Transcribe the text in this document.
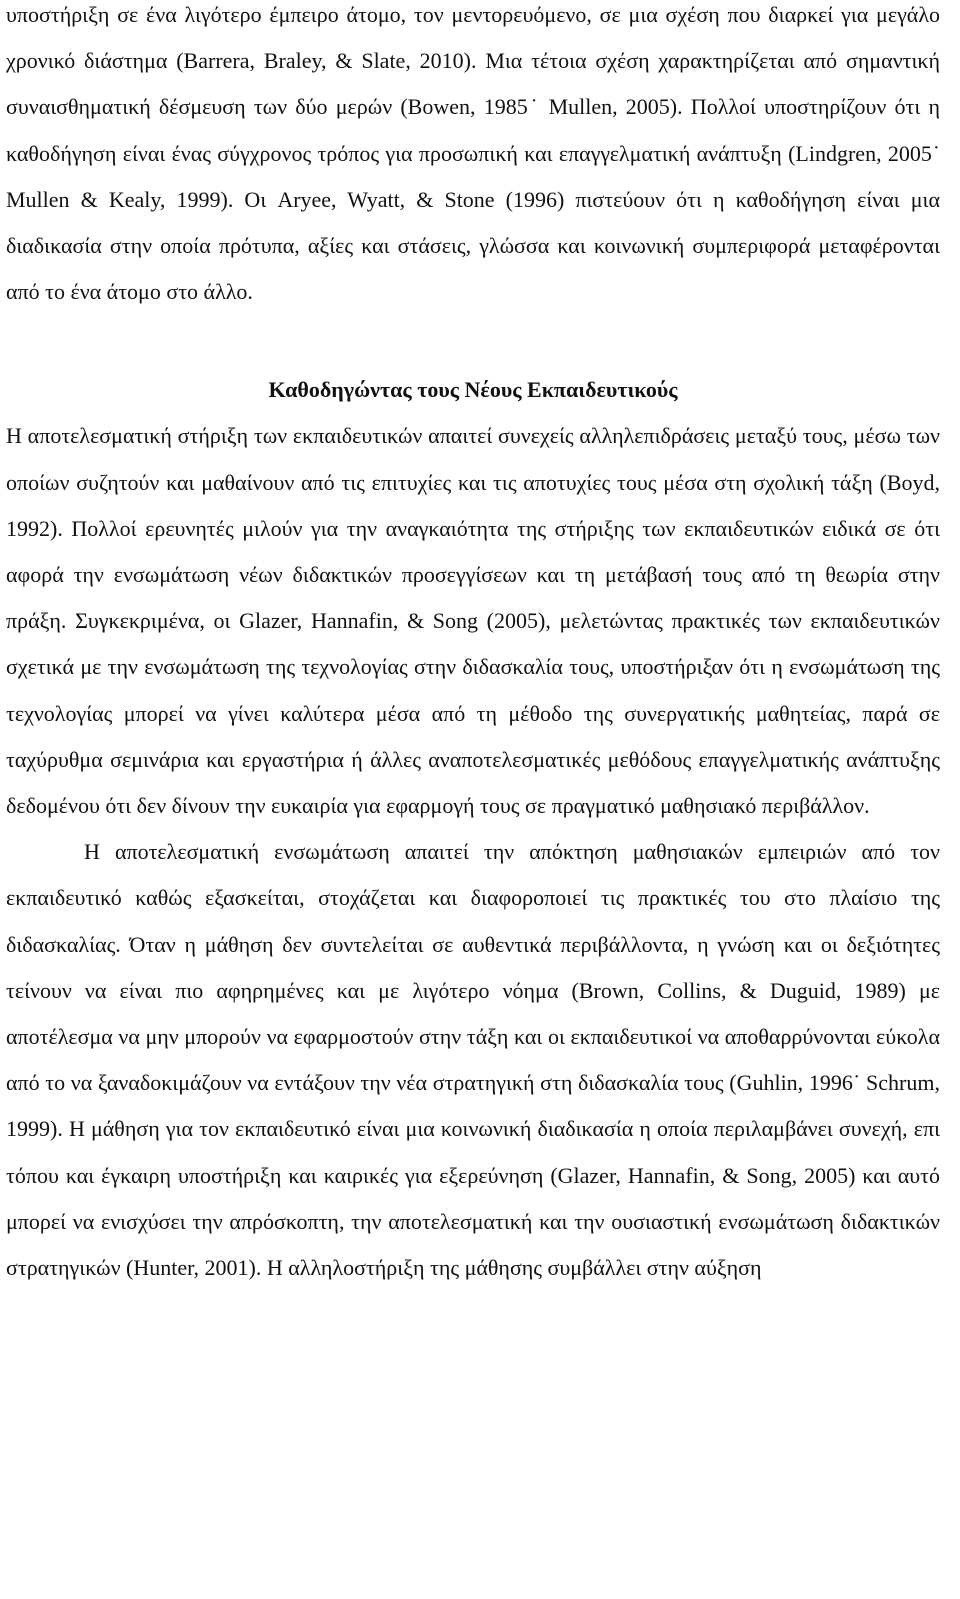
υποστήριξη σε ένα λιγότερο έμπειρο άτομο, τον μεντορευόμενο, σε μια σχέση που διαρκεί για μεγάλο χρονικό διάστημα (Barrera, Braley, & Slate, 2010). Μια τέτοια σχέση χαρακτηρίζεται από σημαντική συναισθηματική δέσμευση των δύο μερών (Bowen, 1985˙ Mullen, 2005). Πολλοί υποστηρίζουν ότι η καθοδήγηση είναι ένας σύγχρονος τρόπος για προσωπική και επαγγελματική ανάπτυξη (Lindgren, 2005˙ Mullen & Kealy, 1999). Οι Aryee, Wyatt, & Stone (1996) πιστεύουν ότι η καθοδήγηση είναι μια διαδικασία στην οποία πρότυπα, αξίες και στάσεις, γλώσσα και κοινωνική συμπεριφορά μεταφέρονται από το ένα άτομο στο άλλο.

Καθοδηγώντας τους Νέους Εκπαιδευτικούς

Η αποτελεσματική στήριξη των εκπαιδευτικών απαιτεί συνεχείς αλληλεπιδράσεις μεταξύ τους, μέσω των οποίων συζητούν και μαθαίνουν από τις επιτυχίες και τις αποτυχίες τους μέσα στη σχολική τάξη (Boyd, 1992). Πολλοί ερευνητές μιλούν για την αναγκαιότητα της στήριξης των εκπαιδευτικών ειδικά σε ότι αφορά την ενσωμάτωση νέων διδακτικών προσεγγίσεων και τη μετάβασή τους από τη θεωρία στην πράξη. Συγκεκριμένα, οι Glazer, Hannafin, & Song (2005), μελετώντας πρακτικές των εκπαιδευτικών σχετικά με την ενσωμάτωση της τεχνολογίας στην διδασκαλία τους, υποστήριξαν ότι η ενσωμάτωση της τεχνολογίας μπορεί να γίνει καλύτερα μέσα από τη μέθοδο της συνεργατικής μαθητείας, παρά σε ταχύρυθμα σεμινάρια και εργαστήρια ή άλλες αναποτελεσματικές μεθόδους επαγγελματικής ανάπτυξης δεδομένου ότι δεν δίνουν την ευκαιρία για εφαρμογή τους σε πραγματικό μαθησιακό περιβάλλον.

Η αποτελεσματική ενσωμάτωση απαιτεί την απόκτηση μαθησιακών εμπειριών από τον εκπαιδευτικό καθώς εξασκείται, στοχάζεται και διαφοροποιεί τις πρακτικές του στο πλαίσιο της διδασκαλίας. Όταν η μάθηση δεν συντελείται σε αυθεντικά περιβάλλοντα, η γνώση και οι δεξιότητες τείνουν να είναι πιο αφηρημένες και με λιγότερο νόημα (Brown, Collins, & Duguid, 1989) με αποτέλεσμα να μην μπορούν να εφαρμοστούν στην τάξη και οι εκπαιδευτικοί να αποθαρρύνονται εύκολα από το να ξαναδοκιμάζουν να εντάξουν την νέα στρατηγική στη διδασκαλία τους (Guhlin, 1996˙ Schrum, 1999). Η μάθηση για τον εκπαιδευτικό είναι μια κοινωνική διαδικασία η οποία περιλαμβάνει συνεχή, επι τόπου και έγκαιρη υποστήριξη και καιρικές για εξερεύνηση (Glazer, Hannafin, & Song, 2005) και αυτό μπορεί να ενισχύσει την απρόσκοπτη, την αποτελεσματική και την ουσιαστική ενσωμάτωση διδακτικών στρατηγικών (Hunter, 2001). Η αλληλοστήριξη της μάθησης συμβάλλει στην αύξηση
